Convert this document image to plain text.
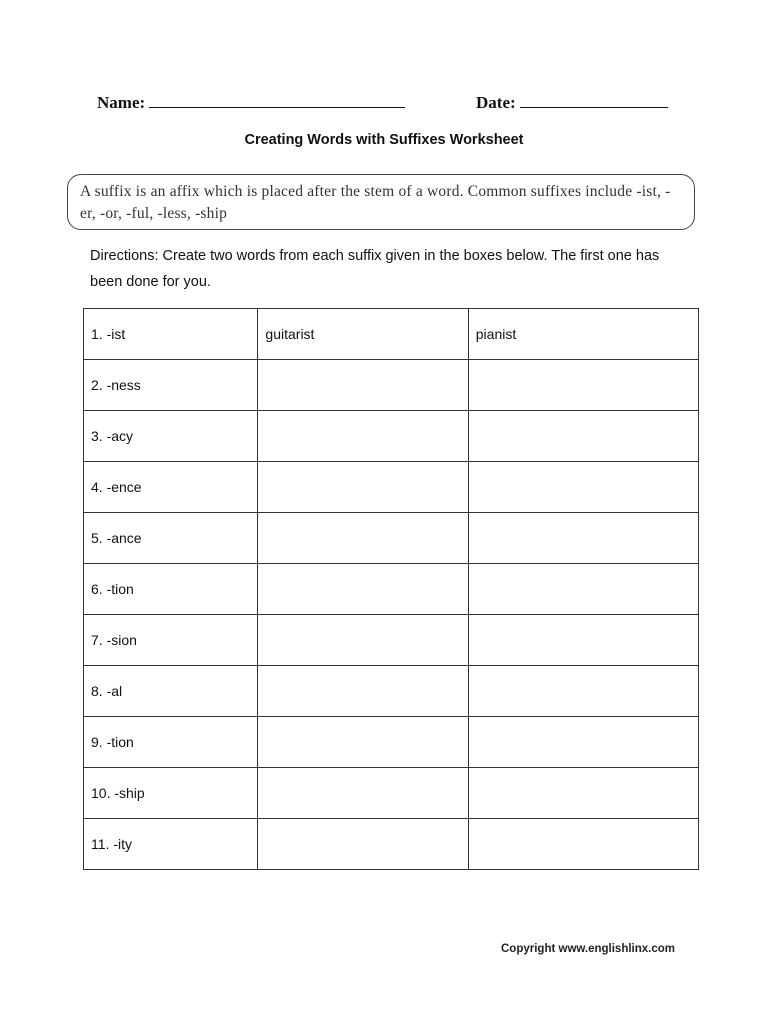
Name:	Date:
Creating Words with Suffixes Worksheet
A suffix is an affix which is placed after the stem of a word. Common suffixes include -ist, -er, -or, -ful, -less, -ship
Directions: Create two words from each suffix given in the boxes below. The first one has been done for you.
1. -ist	guitarist	pianist
2. -ness		
3. -acy		
4. -ence		
5. -ance		
6. -tion		
7. -sion		
8. -al		
9. -tion		
10. -ship		
11. -ity		
Copyright www.englishlinx.com
